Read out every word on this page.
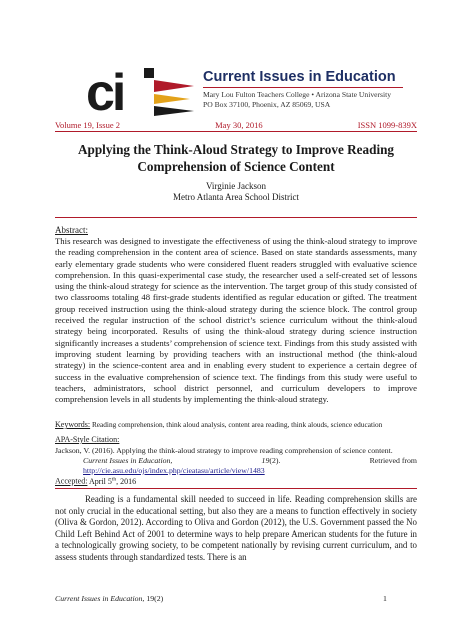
ci	Current Issues in Education
Mary Lou Fulton Teachers College • Arizona State University
PO Box 37100, Phoenix, AZ 85069, USA
Volume 19, Issue 2	May 30, 2016	ISSN 1099-839X
Applying the Think-Aloud Strategy to Improve Reading
Comprehension of Science Content
Virginie Jackson
Metro Atlanta Area School District
Abstract:
This research was designed to investigate the effectiveness of using the think-aloud strategy to improve the reading comprehension in the content area of science. Based on state standards assessments, many early elementary grade students who were considered fluent readers struggled with evaluative science comprehension. In this quasi-experimental case study, the researcher used a self-created set of lessons using the think-aloud strategy for science as the intervention. The target group of this study consisted of two classrooms totaling 48 first-grade students identified as regular education or gifted. The treatment group received instruction using the think-aloud strategy during the science block. The control group received the regular instruction of the school district’s science curriculum without the think-aloud strategy being incorporated. Results of using the think-aloud strategy during science instruction significantly increases a students’ comprehension of science text. Findings from this study assisted with improving student learning by providing teachers with an instructional method (the think-aloud strategy) in the science-content area and in enabling every student to experience a certain degree of success in the evaluative comprehension of science text. The findings from this study were useful to teachers, administrators, school district personnel, and curriculum developers to improve comprehension levels in all students by implementing the think-aloud strategy.
Keywords: Reading comprehension, think aloud analysis, content area reading, think alouds, science education
APA-Style Citation:
Jackson, V. (2016). Applying the think-aloud strategy to improve reading comprehension of science content.
Current Issues in Education,	19(2).	Retrieved from
http://cie.asu.edu/ojs/index.php/cieatasu/article/view/1483
Accepted: April 5th, 2016
Reading is a fundamental skill needed to succeed in life. Reading comprehension skills are not only crucial in the educational setting, but also they are a means to function effectively in society (Oliva & Gordon, 2012). According to Oliva and Gordon (2012), the U.S. Government passed the No Child Left Behind Act of 2001 to determine ways to help prepare American students for the future in a technologically growing society, to be competent nationally by revising current curriculum, and to assess students through standardized tests. There is an
Current Issues in Education, 19(2)	1
